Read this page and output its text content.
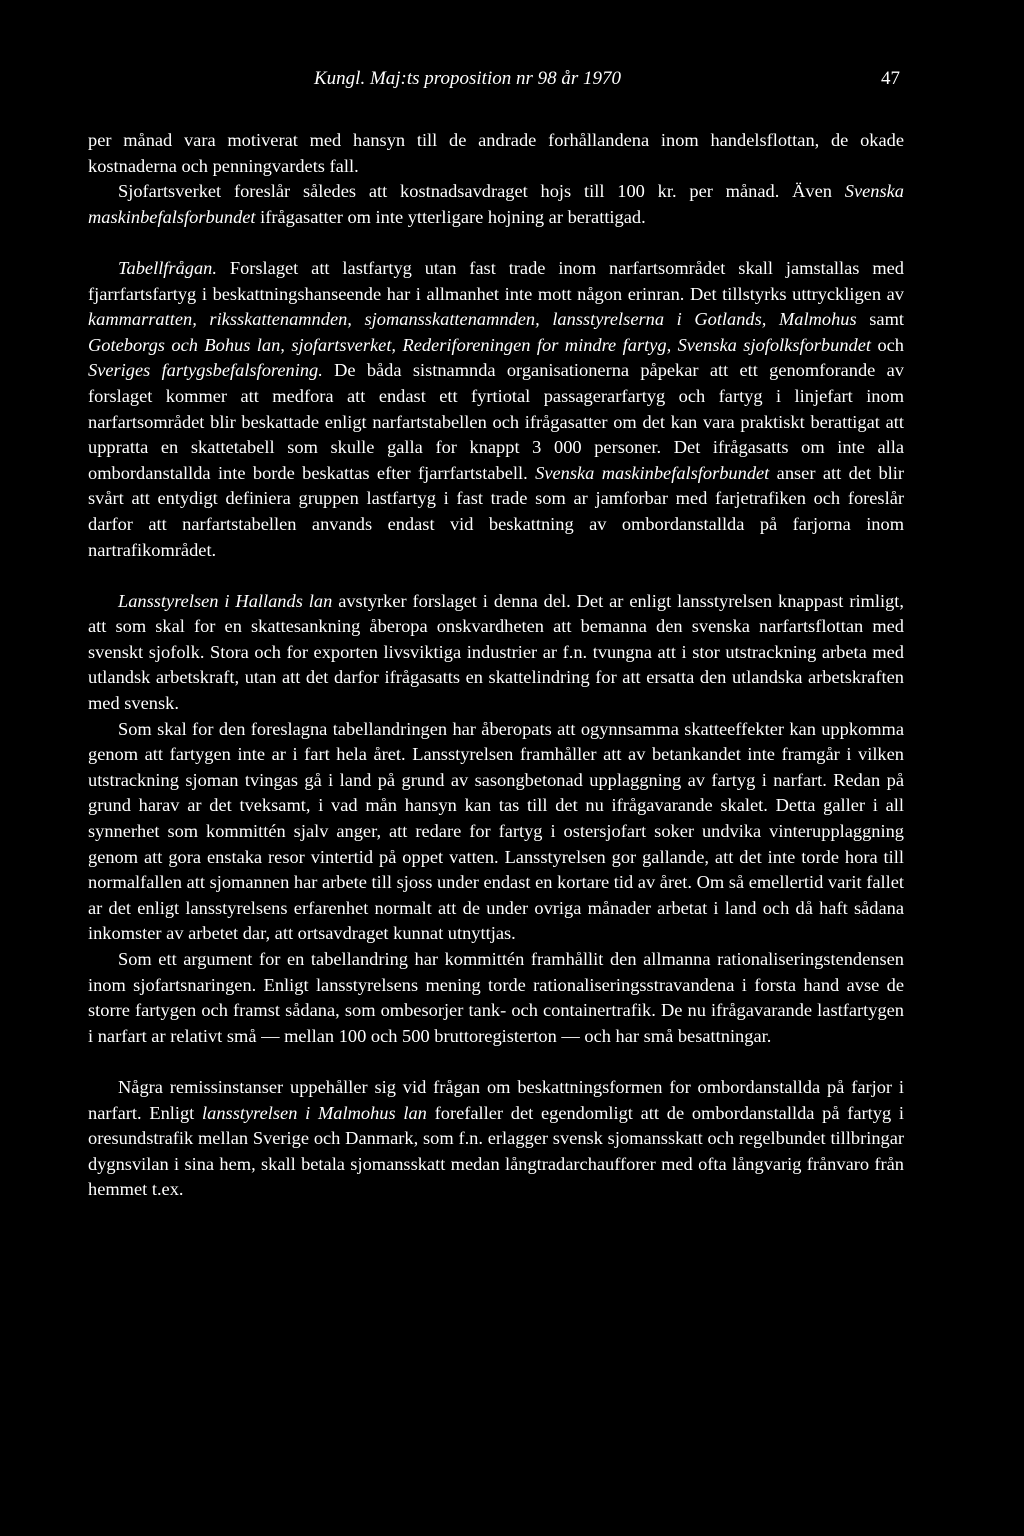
Kungl. Maj:ts proposition nr 98 år 1970	47

per månad vara motiverat med hansyn till de andrade forhållandena inom handelsflottan, de okade kostnaderna och penningvardets fall.

Sjofartsverket foreslår således att kostnadsavdraget hojs till 100 kr. per månad. Även Svenska maskinbefalsforbundet ifrågasatter om inte ytterligare hojning ar berattigad.

Tabellfrågan. Forslaget att lastfartyg utan fast trade inom narfartsområdet skall jamstallas med fjarrfartsfartyg i beskattningshanseende har i allmanhet inte mott någon erinran. Det tillstyrks uttryckligen av kammarratten, riksskattenamnden, sjomansskattenamnden, lansstyrelserna i Gotlands, Malmohus samt Goteborgs och Bohus lan, sjofartsverket, Rederiforeningen for mindre fartyg, Svenska sjofolksforbundet och Sveriges fartygsbefalsforening. De båda sistnamnda organisationerna påpekar att ett genomforande av forslaget kommer att medfora att endast ett fyrtiotal passagerarfartyg och fartyg i linjefart inom narfartsområdet blir beskattade enligt narfartstabellen och ifrågasatter om det kan vara praktiskt berattigat att uppratta en skattetabell som skulle galla for knappt 3 000 personer. Det ifrågasatts om inte alla ombordanstallda inte borde beskattas efter fjarrfartstabell. Svenska maskinbefalsforbundet anser att det blir svårt att entydigt definiera gruppen lastfartyg i fast trade som ar jamforbar med farjetrafiken och foreslår darfor att narfartstabellen anvands endast vid beskattning av ombordanstallda på farjorna inom nartrafikområdet.

Lansstyrelsen i Hallands lan avstyrker forslaget i denna del. Det ar enligt lansstyrelsen knappast rimligt, att som skal for en skattesankning åberopa onskvardheten att bemanna den svenska narfartsflottan med svenskt sjofolk. Stora och for exporten livsviktiga industrier ar f.n. tvungna att i stor utstrackning arbeta med utlandsk arbetskraft, utan att det darfor ifrågasatts en skattelindring for att ersatta den utlandska arbetskraften med svensk.

Som skal for den foreslagna tabellandringen har åberopats att ogynnsamma skatteeffekter kan uppkomma genom att fartygen inte ar i fart hela året. Lansstyrelsen framhåller att av betankandet inte framgår i vilken utstrackning sjoman tvingas gå i land på grund av sasongbetonad upplaggning av fartyg i narfart. Redan på grund harav ar det tveksamt, i vad mån hansyn kan tas till det nu ifrågavarande skalet. Detta galler i all synnerhet som kommittén sjalv anger, att redare for fartyg i ostersjofart soker undvika vinterupplaggning genom att gora enstaka resor vintertid på oppet vatten. Lansstyrelsen gor gallande, att det inte torde hora till normalfallen att sjomannen har arbete till sjoss under endast en kortare tid av året. Om så emellertid varit fallet ar det enligt lansstyrelsens erfarenhet normalt att de under ovriga månader arbetat i land och då haft sådana inkomster av arbetet dar, att ortsavdraget kunnat utnyttjas.

Som ett argument for en tabellandring har kommittén framhållit den allmanna rationaliseringstendensen inom sjofartsnaringen. Enligt lansstyrelsens mening torde rationaliseringsstravandena i forsta hand avse de storre fartygen och framst sådana, som ombesorjer tank- och containertrafik. De nu ifrågavarande lastfartygen i narfart ar relativt små — mellan 100 och 500 bruttoregisterton — och har små besattningar.

Några remissinstanser uppehåller sig vid frågan om beskattningsformen for ombordanstallda på farjor i narfart. Enligt lansstyrelsen i Malmohus lan forefaller det egendomligt att de ombordanstallda på fartyg i oresundstrafik mellan Sverige och Danmark, som f.n. erlagger svensk sjomansskatt och regelbundet tillbringar dygnsvilan i sina hem, skall betala sjomansskatt medan långtradarchaufforer med ofta långvarig frånvaro från hemmet t.ex.
